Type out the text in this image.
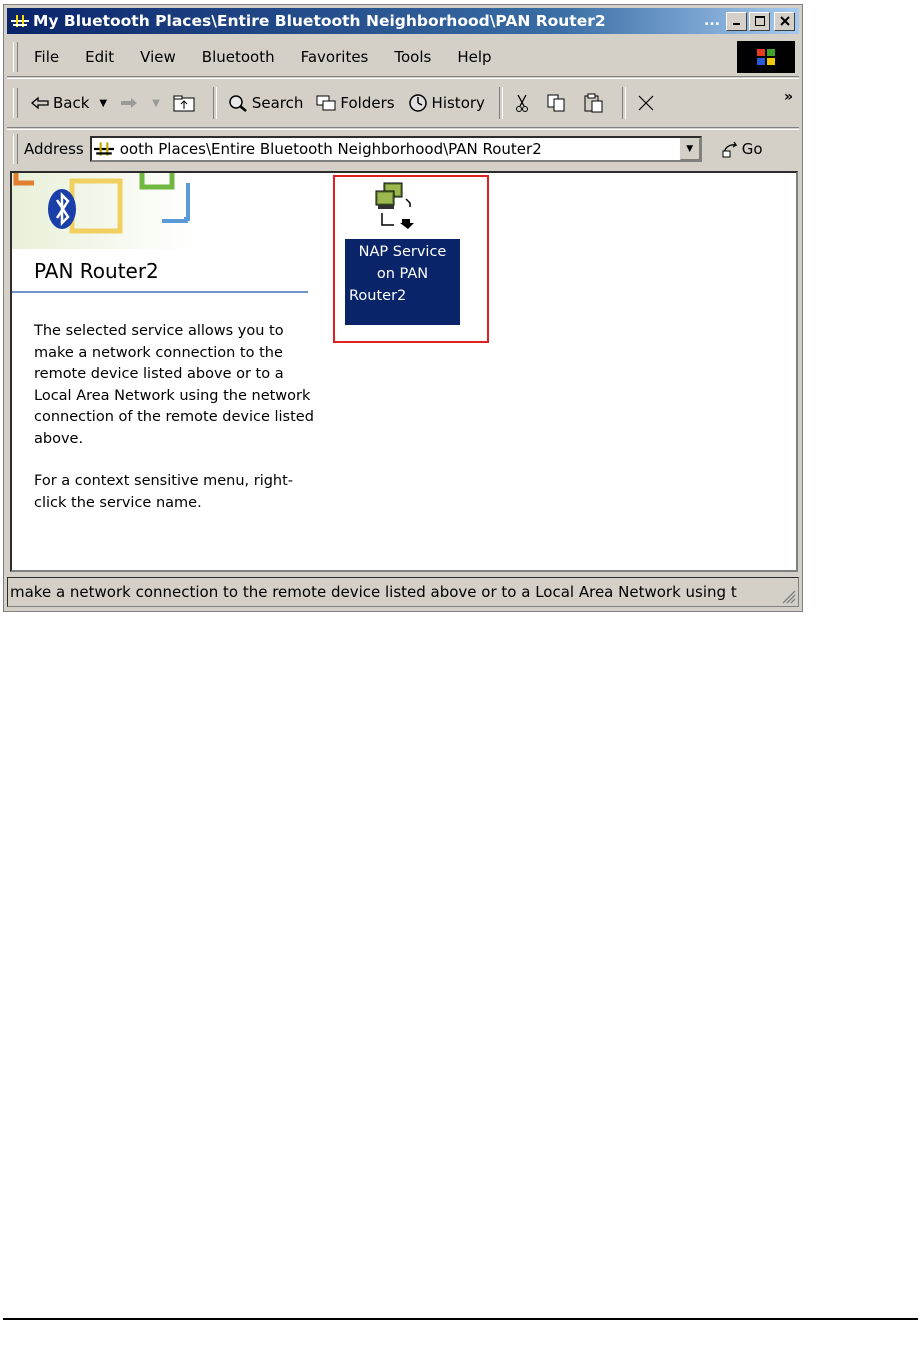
My Bluetooth Places\Entire Bluetooth Neighborhood\PAN Router2	...
File Edit View Bluetooth Favorites Tools Help
Back ▼	▼	Search Folders History	»
Address ooth Places\Entire Bluetooth Neighborhood\PAN Router2	▼	Go
PAN Router2
The selected service allows you to make a network connection to the remote device listed above or to a Local Area Network using the network connection of the remote device listed above.
For a context sensitive menu, right-click the service name.
NAP Service
on PAN
Router2
make a network connection to the remote device listed above or to a Local Area Network using t
